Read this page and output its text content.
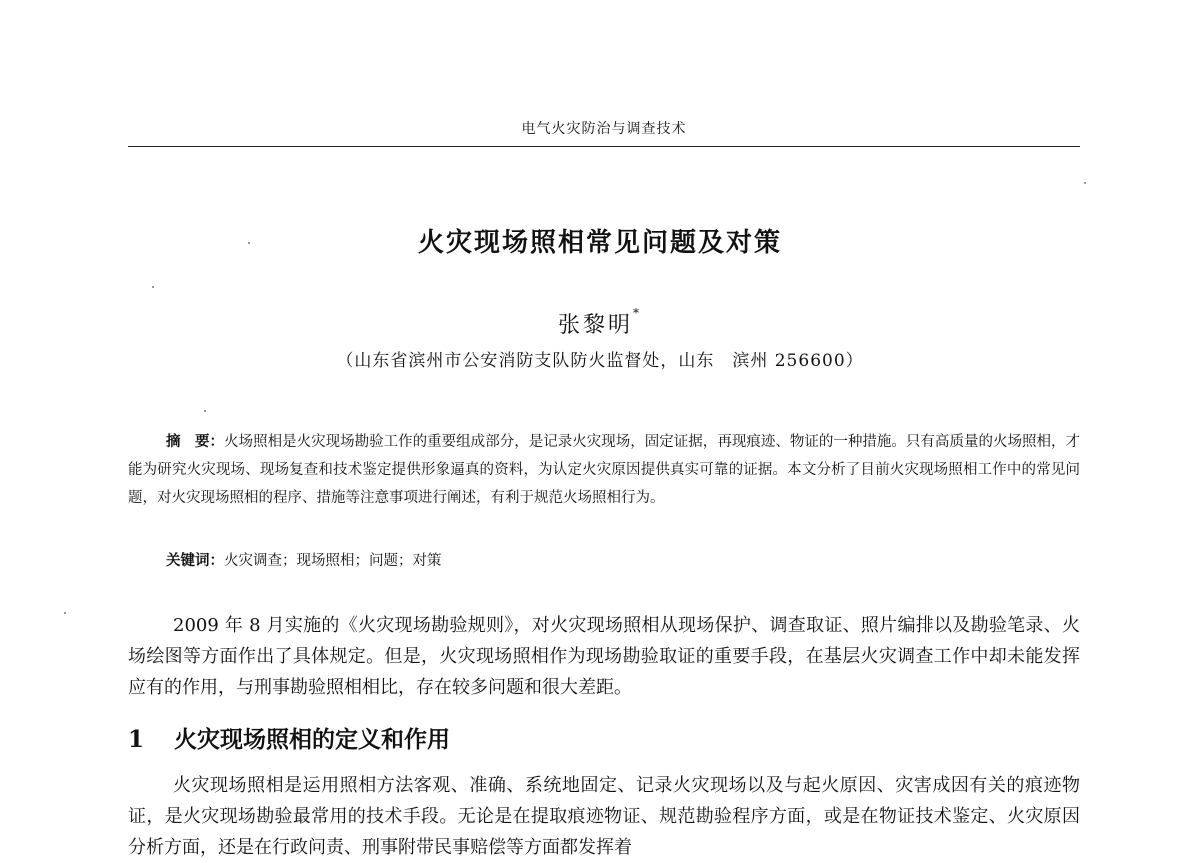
电气火灾防治与调查技术
火灾现场照相常见问题及对策
张黎明*
（山东省滨州市公安消防支队防火监督处，山东　滨州 256600）
摘　要：火场照相是火灾现场勘验工作的重要组成部分，是记录火灾现场，固定证据，再现痕迹、物证的一种措施。只有高质量的火场照相，才能为研究火灾现场、现场复查和技术鉴定提供形象逼真的资料，为认定火灾原因提供真实可靠的证据。本文分析了目前火灾现场照相工作中的常见问题，对火灾现场照相的程序、措施等注意事项进行阐述，有利于规范火场照相行为。
关键词：火灾调查；现场照相；问题；对策
2009 年 8 月实施的《火灾现场勘验规则》，对火灾现场照相从现场保护、调查取证、照片编排以及勘验笔录、火场绘图等方面作出了具体规定。但是，火灾现场照相作为现场勘验取证的重要手段，在基层火灾调查工作中却未能发挥应有的作用，与刑事勘验照相相比，存在较多问题和很大差距。
1 火灾现场照相的定义和作用
火灾现场照相是运用照相方法客观、准确、系统地固定、记录火灾现场以及与起火原因、灾害成因有关的痕迹物证，是火灾现场勘验最常用的技术手段。无论是在提取痕迹物证、规范勘验程序方面，或是在物证技术鉴定、火灾原因分析方面，还是在行政问责、刑事附带民事赔偿等方面都发挥着
